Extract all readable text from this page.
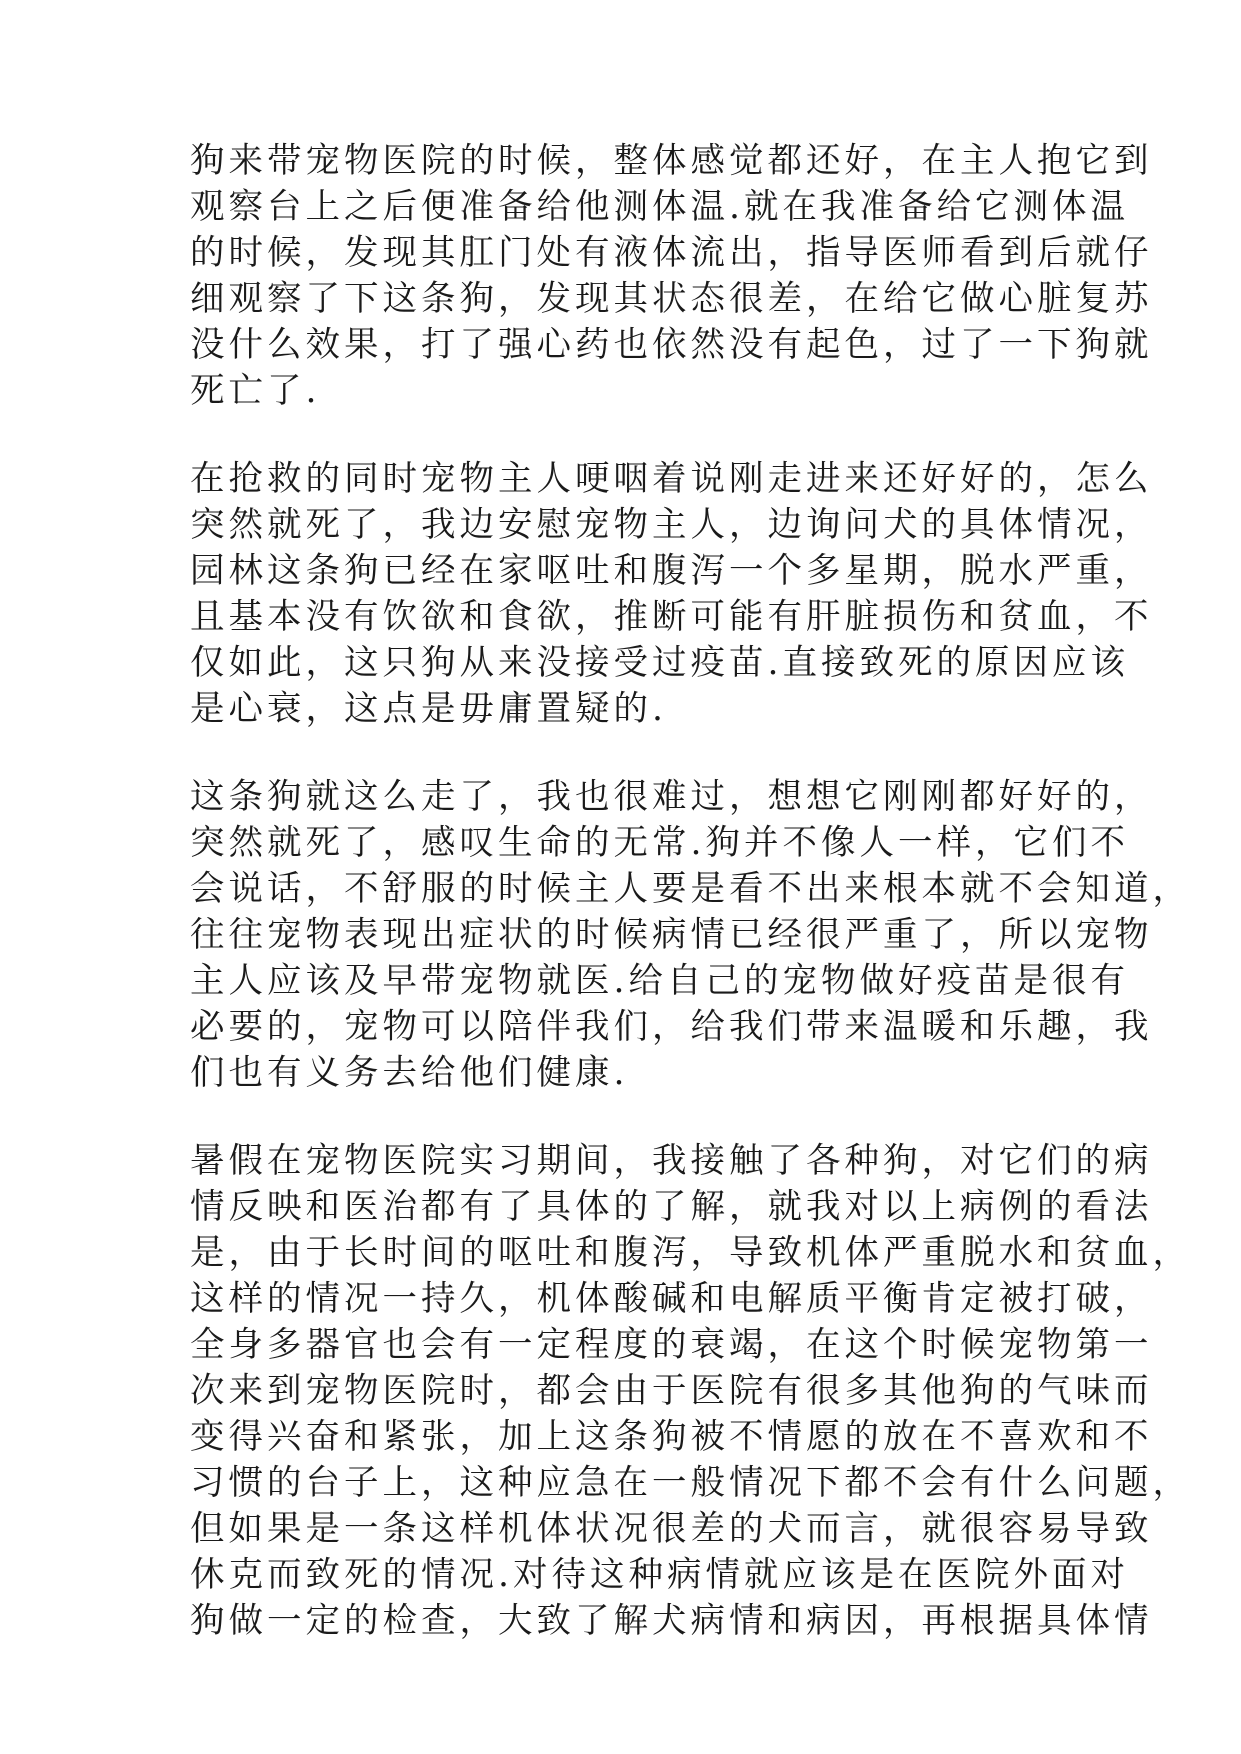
狗来带宠物医院的时候，整体感觉都还好，在主人抱它到
观察台上之后便准备给他测体温.就在我准备给它测体温
的时候，发现其肛门处有液体流出，指导医师看到后就仔
细观察了下这条狗，发现其状态很差，在给它做心脏复苏
没什么效果，打了强心药也依然没有起色，过了一下狗就
死亡了.

在抢救的同时宠物主人哽咽着说刚走进来还好好的，怎么
突然就死了，我边安慰宠物主人，边询问犬的具体情况，
园林这条狗已经在家呕吐和腹泻一个多星期，脱水严重，
且基本没有饮欲和食欲，推断可能有肝脏损伤和贫血，不
仅如此，这只狗从来没接受过疫苗.直接致死的原因应该
是心衰，这点是毋庸置疑的.

这条狗就这么走了，我也很难过，想想它刚刚都好好的，
突然就死了，感叹生命的无常.狗并不像人一样，它们不
会说话，不舒服的时候主人要是看不出来根本就不会知道，
往往宠物表现出症状的时候病情已经很严重了，所以宠物
主人应该及早带宠物就医.给自己的宠物做好疫苗是很有
必要的，宠物可以陪伴我们，给我们带来温暖和乐趣，我
们也有义务去给他们健康.

暑假在宠物医院实习期间，我接触了各种狗，对它们的病
情反映和医治都有了具体的了解，就我对以上病例的看法
是，由于长时间的呕吐和腹泻，导致机体严重脱水和贫血，
这样的情况一持久，机体酸碱和电解质平衡肯定被打破，
全身多器官也会有一定程度的衰竭，在这个时候宠物第一
次来到宠物医院时，都会由于医院有很多其他狗的气味而
变得兴奋和紧张，加上这条狗被不情愿的放在不喜欢和不
习惯的台子上，这种应急在一般情况下都不会有什么问题，
但如果是一条这样机体状况很差的犬而言，就很容易导致
休克而致死的情况.对待这种病情就应该是在医院外面对
狗做一定的检查，大致了解犬病情和病因，再根据具体情
